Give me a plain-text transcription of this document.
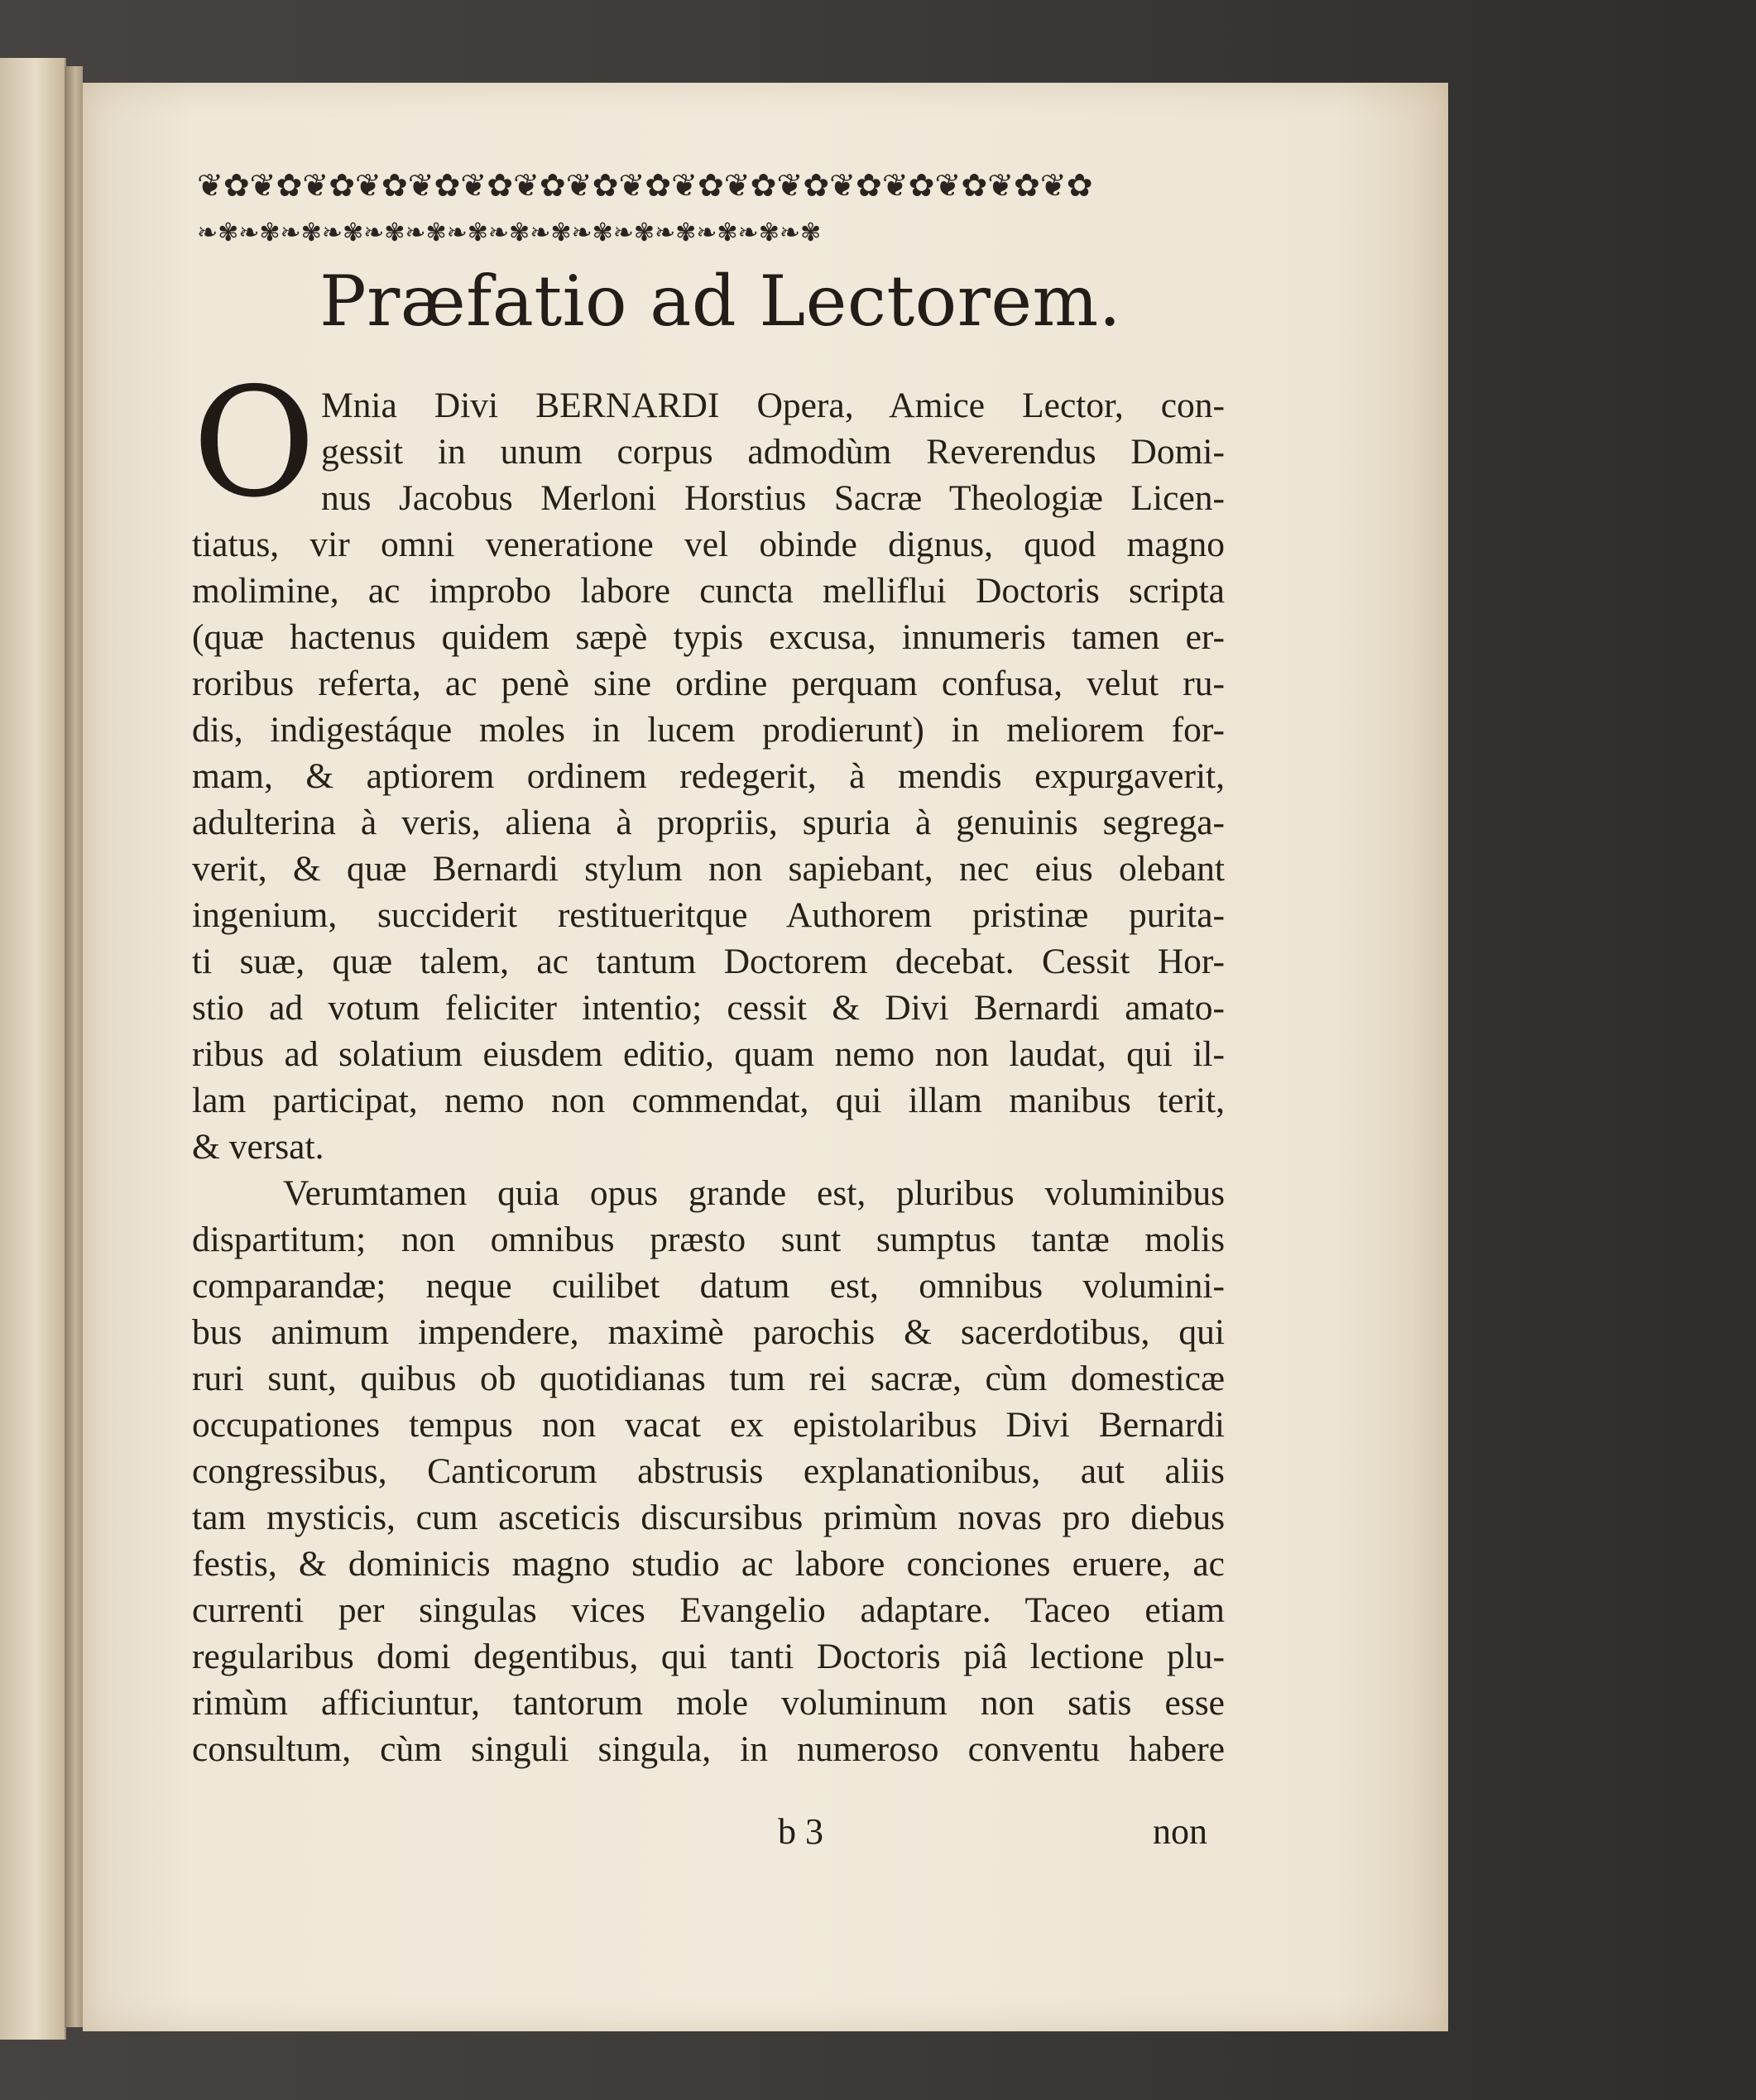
❦✿❦✿❦✿❦✿❦✿❦✿❦✿❦✿❦✿❦✿❦✿❦✿❦✿❦✿❦✿❦✿❦✿
❧✾❧✾❧✾❧✾❧✾❧✾❧✾❧✾❧✾❧✾❧✾❧✾❧✾❧✾❧✾
Præfatio ad Lectorem.
O Mnia Divi BERNARDI Opera, Amice Lector, con-
gessit in unum corpus admodùm Reverendus Domi-
nus Jacobus Merloni Horstius Sacræ Theologiæ Licen-
tiatus, vir omni veneratione vel obinde dignus, quod magno
molimine, ac improbo labore cuncta melliflui Doctoris scripta
(quæ hactenus quidem sæpè typis excusa, innumeris tamen er-
roribus referta, ac penè sine ordine perquam confusa, velut ru-
dis, indigestáque moles in lucem prodierunt) in meliorem for-
mam, & aptiorem ordinem redegerit, à mendis expurgaverit,
adulterina à veris, aliena à propriis, spuria à genuinis segrega-
verit, & quæ Bernardi stylum non sapiebant, nec eius olebant
ingenium, succiderit restitueritque Authorem pristinæ purita-
ti suæ, quæ talem, ac tantum Doctorem decebat. Cessit Hor-
stio ad votum feliciter intentio; cessit & Divi Bernardi amato-
ribus ad solatium eiusdem editio, quam nemo non laudat, qui il-
lam participat, nemo non commendat, qui illam manibus terit,
& versat.
Verumtamen quia opus grande est, pluribus voluminibus
dispartitum; non omnibus præsto sunt sumptus tantæ molis
comparandæ; neque cuilibet datum est, omnibus volumini-
bus animum impendere, maximè parochis & sacerdotibus, qui
ruri sunt, quibus ob quotidianas tum rei sacræ, cùm domesticæ
occupationes tempus non vacat ex epistolaribus Divi Bernardi
congressibus, Canticorum abstrusis explanationibus, aut aliis
tam mysticis, cum asceticis discursibus primùm novas pro diebus
festis, & dominicis magno studio ac labore conciones eruere, ac
currenti per singulas vices Evangelio adaptare. Taceo etiam
regularibus domi degentibus, qui tanti Doctoris piâ lectione plu-
rimùm afficiuntur, tantorum mole voluminum non satis esse
consultum, cùm singuli singula, in numeroso conventu habere
b 3	non
